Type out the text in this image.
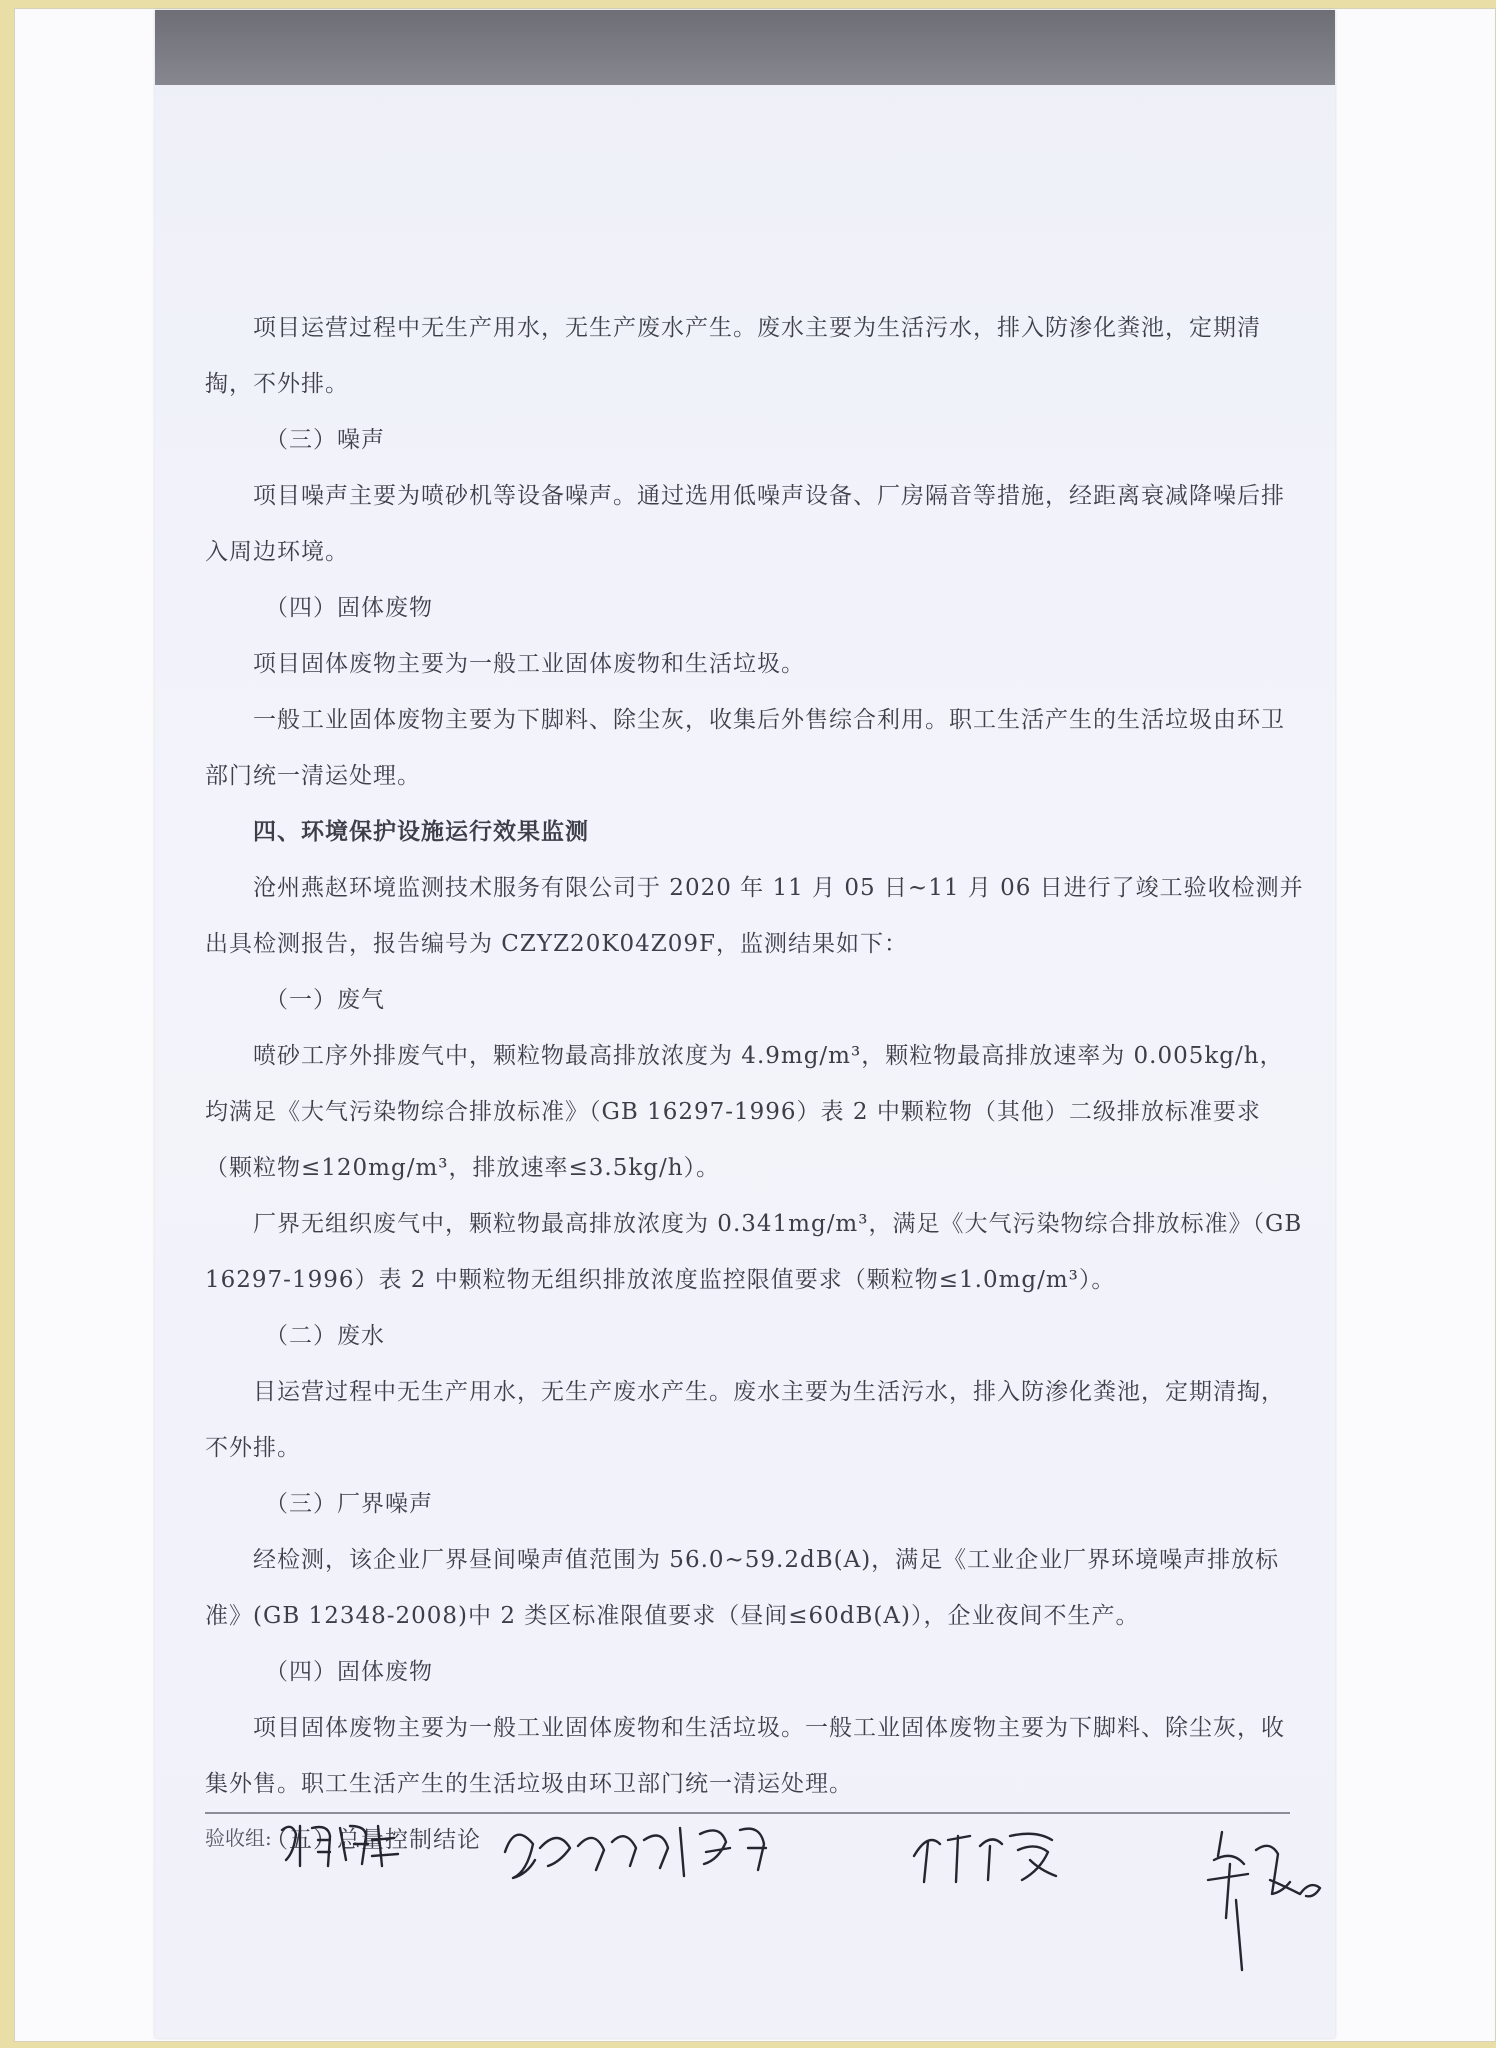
项目运营过程中无生产用水，无生产废水产生。废水主要为生活污水，排入防渗化粪池，定期清掏，不外排。

（三）噪声

项目噪声主要为喷砂机等设备噪声。通过选用低噪声设备、厂房隔音等措施，经距离衰减降噪后排入周边环境。

（四）固体废物

项目固体废物主要为一般工业固体废物和生活垃圾。

一般工业固体废物主要为下脚料、除尘灰，收集后外售综合利用。职工生活产生的生活垃圾由环卫部门统一清运处理。

四、环境保护设施运行效果监测

沧州燕赵环境监测技术服务有限公司于 2020 年 11 月 05 日~11 月 06 日进行了竣工验收检测并出具检测报告，报告编号为 CZYZ20K04Z09F，监测结果如下：

（一）废气

喷砂工序外排废气中，颗粒物最高排放浓度为 4.9mg/m³，颗粒物最高排放速率为 0.005kg/h，均满足《大气污染物综合排放标准》（GB 16297-1996）表 2 中颗粒物（其他）二级排放标准要求（颗粒物≤120mg/m³，排放速率≤3.5kg/h）。

厂界无组织废气中，颗粒物最高排放浓度为 0.341mg/m³，满足《大气污染物综合排放标准》（GB 16297-1996）表 2 中颗粒物无组织排放浓度监控限值要求（颗粒物≤1.0mg/m³）。

（二）废水

目运营过程中无生产用水，无生产废水产生。废水主要为生活污水，排入防渗化粪池，定期清掏，不外排。

（三）厂界噪声

经检测，该企业厂界昼间噪声值范围为 56.0~59.2dB(A)，满足《工业企业厂界环境噪声排放标准》(GB 12348-2008)中 2 类区标准限值要求（昼间≤60dB(A)），企业夜间不生产。

（四）固体废物

项目固体废物主要为一般工业固体废物和生活垃圾。一般工业固体废物主要为下脚料、除尘灰，收集外售。职工生活产生的生活垃圾由环卫部门统一清运处理。

（五）总量控制结论

验收组:
